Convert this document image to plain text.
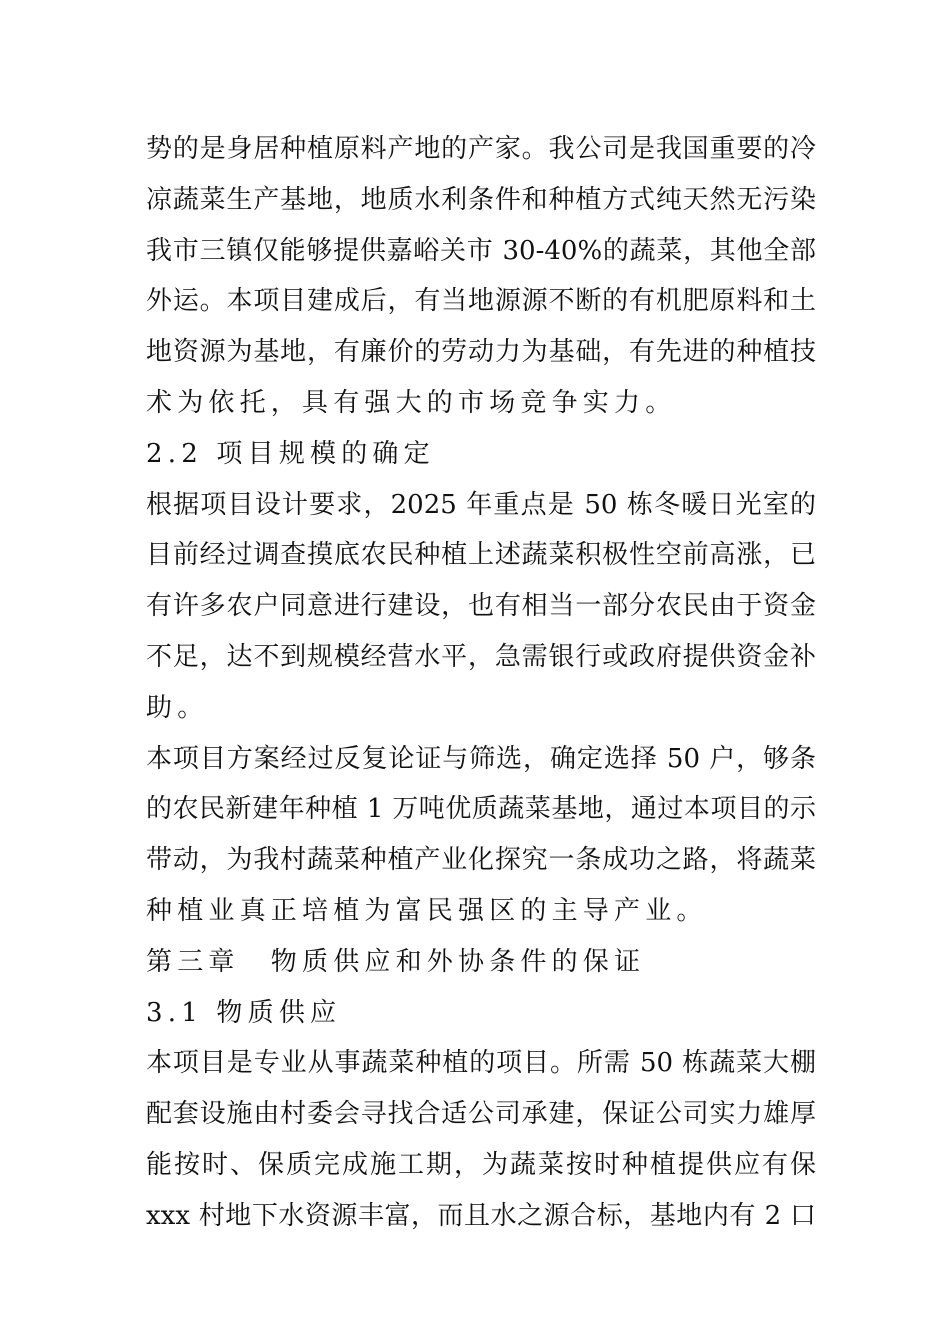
势的是身居种植原料产地的产家。我公司是我国重要的冷
凉蔬菜生产基地，地质水利条件和种植方式纯天然无污染
我市三镇仅能够提供嘉峪关市 30-40%的蔬菜，其他全部
外运。本项目建成后，有当地源源不断的有机肥原料和土
地资源为基地，有廉价的劳动力为基础，有先进的种植技
术为依托，具有强大的市场竞争实力。
2.2 项目规模的确定
根据项目设计要求，2025 年重点是 50 栋冬暖日光室的
目前经过调查摸底农民种植上述蔬菜积极性空前高涨，已
有许多农户同意进行建设，也有相当一部分农民由于资金
不足，达不到规模经营水平，急需银行或政府提供资金补
助。
本项目方案经过反复论证与筛选，确定选择 50 户，够条
的农民新建年种植 1 万吨优质蔬菜基地，通过本项目的示
带动，为我村蔬菜种植产业化探究一条成功之路，将蔬菜
种植业真正培植为富民强区的主导产业。
第三章　物质供应和外协条件的保证
3.1 物质供应
本项目是专业从事蔬菜种植的项目。所需 50 栋蔬菜大棚
配套设施由村委会寻找合适公司承建，保证公司实力雄厚
能按时、保质完成施工期，为蔬菜按时种植提供应有保
xxx 村地下水资源丰富，而且水之源合标，基地内有 2 口
